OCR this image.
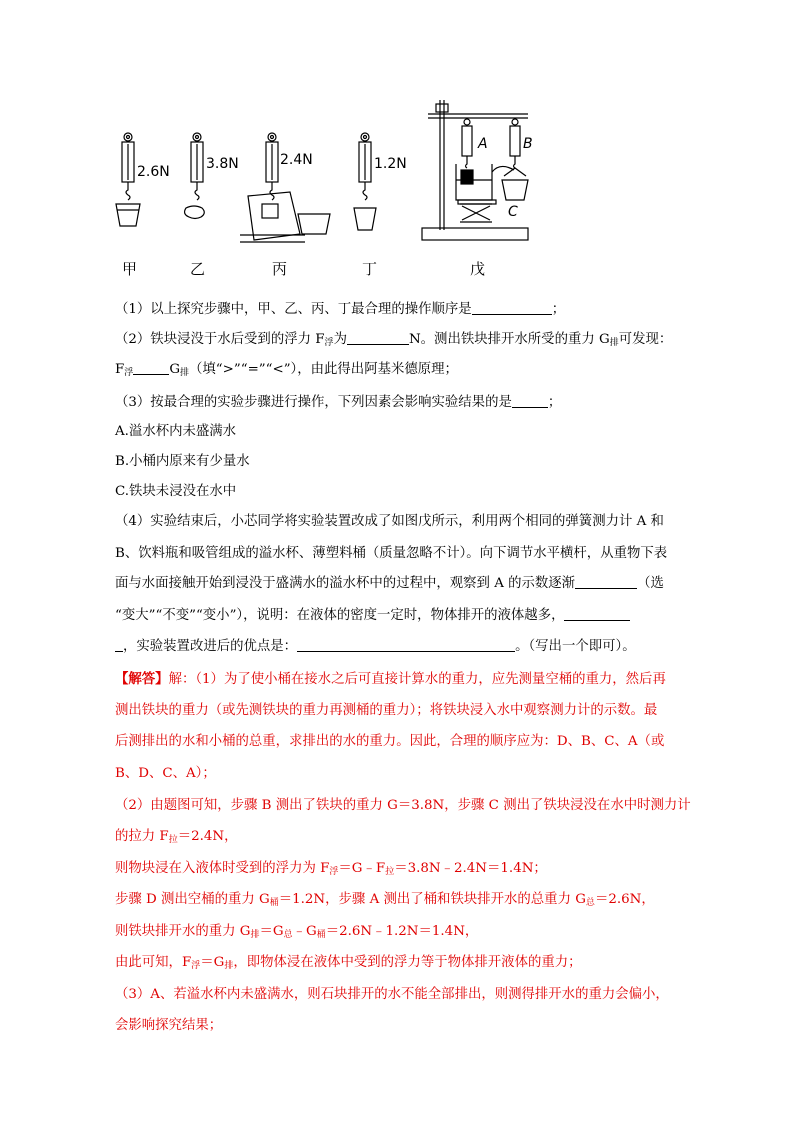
A	B
C
2.6N	3.8N	2.4N	1.2N
甲	乙	丙	丁	戊
（1）以上探究步骤中，甲、乙、丙、丁最合理的操作顺序是	；
（2）铁块浸没于水后受到的浮力 $F_浮$为	N。测出铁块排开水所受的重力 $G_排$可发现：
$F_浮$	$G_排$（填“>”“=”“<”），由此得出阿基米德原理；
（3）按最合理的实验步骤进行操作，下列因素会影响实验结果的是	；
A.溢水杯内未盛满水
B.小桶内原来有少量水
C.铁块未浸没在水中
（4）实验结束后，小芯同学将实验装置改成了如图戊所示，利用两个相同的弹簧测力计 A 和
B、饮料瓶和吸管组成的溢水杯、薄塑料桶（质量忽略不计）。向下调节水平横杆，从重物下表
面与水面接触开始到浸没于盛满水的溢水杯中的过程中，观察到 A 的示数逐渐	（选
“变大”“不变”“变小”），说明：在液体的密度一定时，物体排开的液体越多，
，实验装置改进后的优点是：	。（写出一个即可）。
【解答】解：（1）为了使小桶在接水之后可直接计算水的重力，应先测量空桶的重力，然后再
测出铁块的重力（或先测铁块的重力再测桶的重力）；将铁块浸入水中观察测力计的示数。最
后测排出的水和小桶的总重，求排出的水的重力。因此，合理的顺序应为：D、B、C、A（或
B、D、C、A）；
（2）由题图可知，步骤 B 测出了铁块的重力 G＝3.8N，步骤 C 测出了铁块浸没在水中时测力计
的拉力 $F_拉=2.4N$，
则物块浸在入液体时受到的浮力为 $F_浮=G﹣F_拉=3.8N﹣2.4N=1.4N$；
步骤 D 测出空桶的重力 $G_桶=1.2N$，步骤 A 测出了桶和铁块排开水的总重力 $G_总=2.6N$，
则铁块排开水的重力 $G_排=G_总﹣G_桶=2.6N﹣1.2N=1.4N$，
由此可知，$F_浮=G_排$，即物体浸在液体中受到的浮力等于物体排开液体的重力；
（3）A、若溢水杯内未盛满水，则石块排开的水不能全部排出，则测得排开水的重力会偏小，
会影响探究结果；
